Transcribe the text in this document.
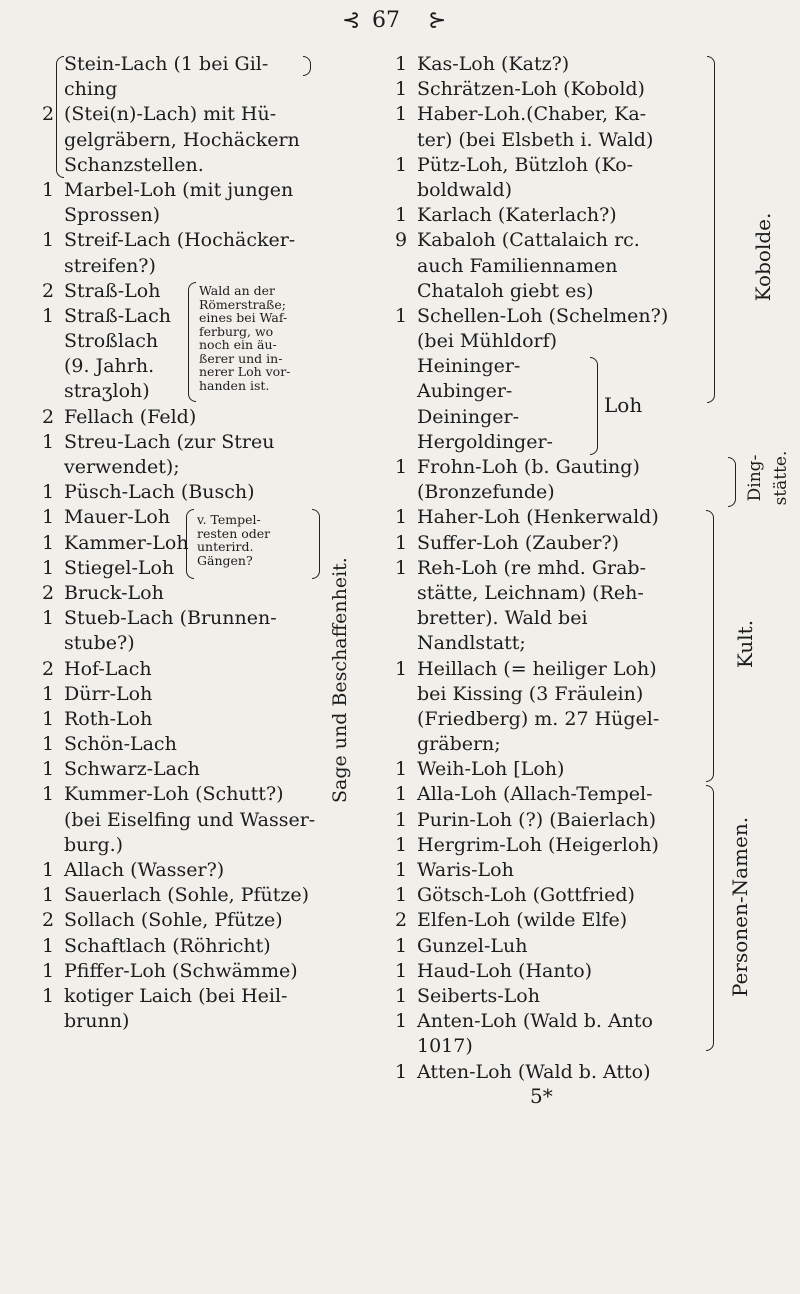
⊰ 67 ⊱
Stein-Lach (1 bei Gil-
ching
2 (Stei(n)-Lach) mit Hü-
gelgräbern, Hochäckern
Schanzstellen.
1 Marbel-Loh (mit jungen
Sprossen)
1 Streif-Lach (Hochäcker-
streifen?)
2 Straß-Loh
1 Straß-Lach
Stroßlach
(9. Jahrh.
straʒloh)
2 Fellach (Feld)
1 Streu-Lach (zur Streu
verwendet);
1 Püsch-Lach (Busch)
1 Mauer-Loh
1 Kammer-Loh
1 Stiegel-Loh
2 Bruck-Loh
1 Stueb-Lach (Brunnen-
stube?)
2 Hof-Lach
1 Dürr-Loh
1 Roth-Loh
1 Schön-Lach
1 Schwarz-Lach
1 Kummer-Loh (Schutt?)
(bei Eiselfing und Wasser-
burg.)
1 Allach (Wasser?)
1 Sauerlach (Sohle, Pfütze)
2 Sollach (Sohle, Pfütze)
1 Schaftlach (Röhricht)
1 Pfiffer-Loh (Schwämme)
1 kotiger Laich (bei Heil-
brunn)
Wald an der
Römerstraße;
eines bei Waf-
ferburg, wo
noch ein äu-
ßerer und in-
nerer Loh vor-
handen ist.
v. Tempel-
resten oder
unterird.
Gängen?	Sage und Beschaffenheit.
1 Kas-Loh (Katz?)
1 Schrätzen-Loh (Kobold)
1 Haber-Loh.(Chaber, Ka-
ter) (bei Elsbeth i. Wald)
1 Pütz-Loh, Bützloh (Ko-
boldwald)
1 Karlach (Katerlach?)
9 Kabaloh (Cattalaich rc.
auch Familiennamen
Chataloh giebt es)
1 Schellen-Loh (Schelmen?)
(bei Mühldorf)
Heininger-
Aubinger-
Deininger-
Hergoldinger-
1 Frohn-Loh (b. Gauting)
(Bronzefunde)
1 Haher-Loh (Henkerwald)
1 Suffer-Loh (Zauber?)
1 Reh-Loh (re mhd. Grab-
stätte, Leichnam) (Reh-
bretter). Wald bei
Nandlstatt;
1 Heillach (= heiliger Loh)
bei Kissing (3 Fräulein)
(Friedberg) m. 27 Hügel-
gräbern;
1 Weih-Loh [Loh)
1 Alla-Loh (Allach-Tempel-
1 Purin-Loh (?) (Baierlach)
1 Hergrim-Loh (Heigerloh)
1 Waris-Loh
1 Götsch-Loh (Gottfried)
2 Elfen-Loh (wilde Elfe)
1 Gunzel-Luh
1 Haud-Loh (Hanto)
1 Seiberts-Loh
1 Anten-Loh (Wald b. Anto
1017)
1 Atten-Loh (Wald b. Atto)
Kobolde.
Loh
Ding- stätte.
Kult.
Personen-Namen.
5*
